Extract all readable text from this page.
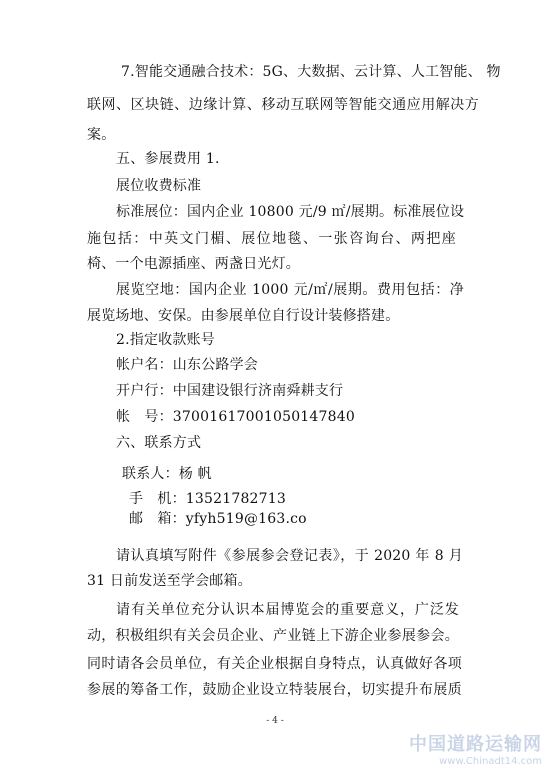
7.智能交通融合技术：5G、大数据、云计算、人工智能、 物
联网、区块链、边缘计算、移动互联网等智能交通应用解决方
案。
五、参展费用 1.
展位收费标准
标准展位：国内企业 10800 元/9 ㎡/展期。标准展位设
施包括：中英文门楣、展位地毯、一张咨询台、两把座
椅、一个电源插座、两盏日光灯。
展览空地：国内企业 1000 元/㎡/展期。费用包括：净
展览场地、安保。由参展单位自行设计装修搭建。
2.指定收款账号
帐户名：山东公路学会
开户行：中国建设银行济南舜耕支行
帐　号：37001617001050147840
六、联系方式
联系人：杨 帆
手　机：13521782713
邮　箱：yfyh519@163.co
请认真填写附件《参展参会登记表》，于 2020 年 8 月
31 日前发送至学会邮箱。
请有关单位充分认识本届博览会的重要意义，广泛发
动，积极组织有关会员企业、产业链上下游企业参展参会。
同时请各会员单位，有关企业根据自身特点，认真做好各项
参展的筹备工作，鼓励企业设立特装展台，切实提升布展质
- 4 -
中国道路运输网
www.Chinadt14.com
